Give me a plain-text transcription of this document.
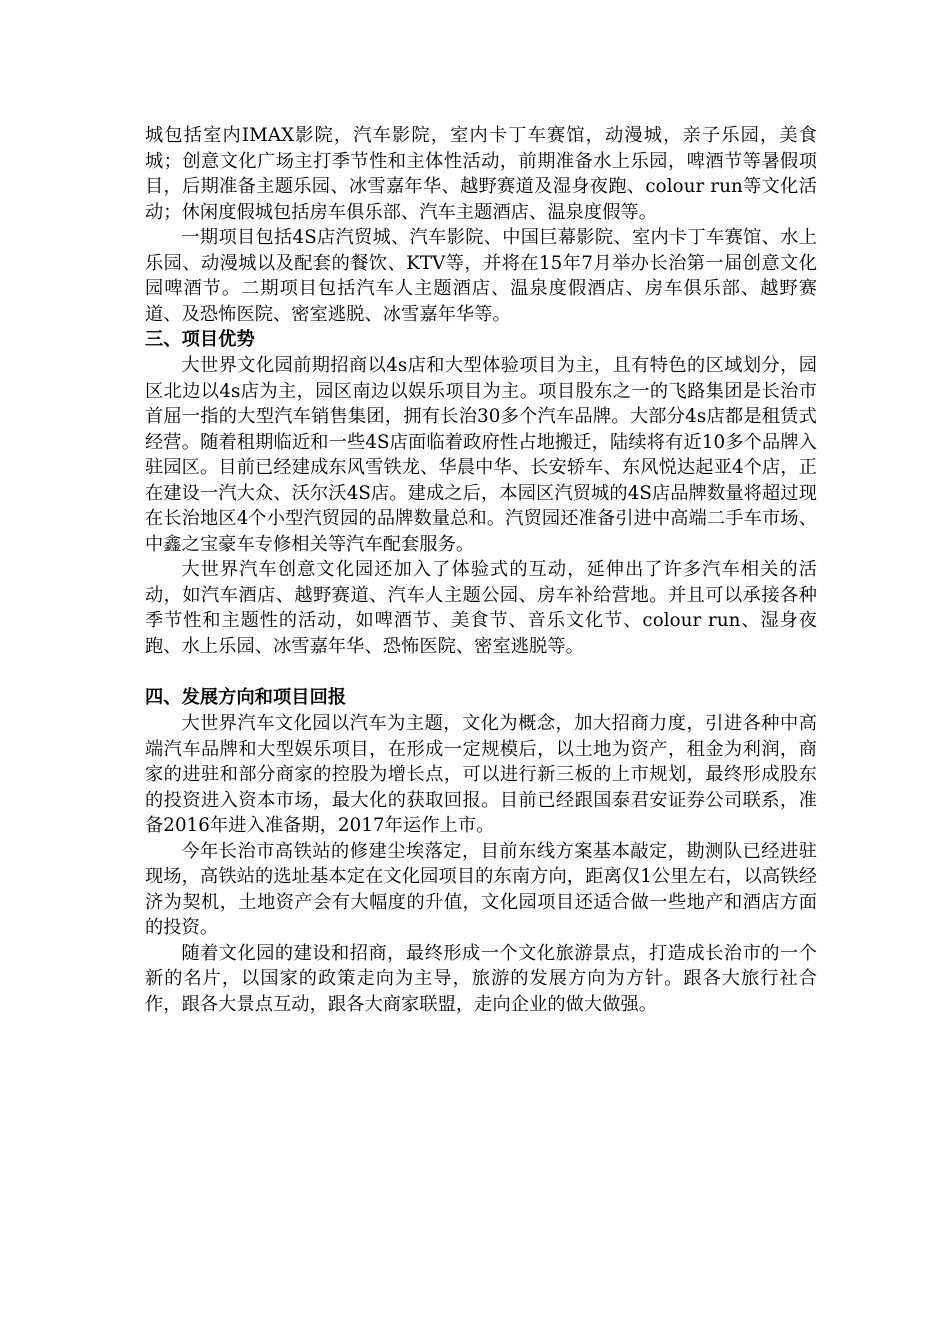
城包括室内IMAX影院，汽车影院，室内卡丁车赛馆，动漫城，亲子乐园，美食城；创意文化广场主打季节性和主体性活动，前期准备水上乐园，啤酒节等暑假项目，后期准备主题乐园、冰雪嘉年华、越野赛道及湿身夜跑、colour run等文化活动；休闲度假城包括房车俱乐部、汽车主题酒店、温泉度假等。

一期项目包括4S店汽贸城、汽车影院、中国巨幕影院、室内卡丁车赛馆、水上乐园、动漫城以及配套的餐饮、KTV等，并将在15年7月举办长治第一届创意文化园啤酒节。二期项目包括汽车人主题酒店、温泉度假酒店、房车俱乐部、越野赛道、及恐怖医院、密室逃脱、冰雪嘉年华等。

三、项目优势

大世界文化园前期招商以4s店和大型体验项目为主，且有特色的区域划分，园区北边以4s店为主，园区南边以娱乐项目为主。项目股东之一的飞路集团是长治市首屈一指的大型汽车销售集团，拥有长治30多个汽车品牌。大部分4s店都是租赁式经营。随着租期临近和一些4S店面临着政府性占地搬迁，陆续将有近10多个品牌入驻园区。目前已经建成东风雪铁龙、华晨中华、长安轿车、东风悦达起亚4个店，正在建设一汽大众、沃尔沃4S店。建成之后，本园区汽贸城的4S店品牌数量将超过现在长治地区4个小型汽贸园的品牌数量总和。汽贸园还准备引进中高端二手车市场、中鑫之宝豪车专修相关等汽车配套服务。

大世界汽车创意文化园还加入了体验式的互动，延伸出了许多汽车相关的活动，如汽车酒店、越野赛道、汽车人主题公园、房车补给营地。并且可以承接各种季节性和主题性的活动，如啤酒节、美食节、音乐文化节、colour run、湿身夜跑、水上乐园、冰雪嘉年华、恐怖医院、密室逃脱等。

四、发展方向和项目回报

大世界汽车文化园以汽车为主题，文化为概念，加大招商力度，引进各种中高端汽车品牌和大型娱乐项目，在形成一定规模后，以土地为资产，租金为利润，商家的进驻和部分商家的控股为增长点，可以进行新三板的上市规划，最终形成股东的投资进入资本市场，最大化的获取回报。目前已经跟国泰君安证券公司联系，准备2016年进入准备期，2017年运作上市。

今年长治市高铁站的修建尘埃落定，目前东线方案基本敲定，勘测队已经进驻现场，高铁站的选址基本定在文化园项目的东南方向，距离仅1公里左右，以高铁经济为契机，土地资产会有大幅度的升值，文化园项目还适合做一些地产和酒店方面的投资。

随着文化园的建设和招商，最终形成一个文化旅游景点，打造成长治市的一个新的名片，以国家的政策走向为主导，旅游的发展方向为方针。跟各大旅行社合作，跟各大景点互动，跟各大商家联盟，走向企业的做大做强。
